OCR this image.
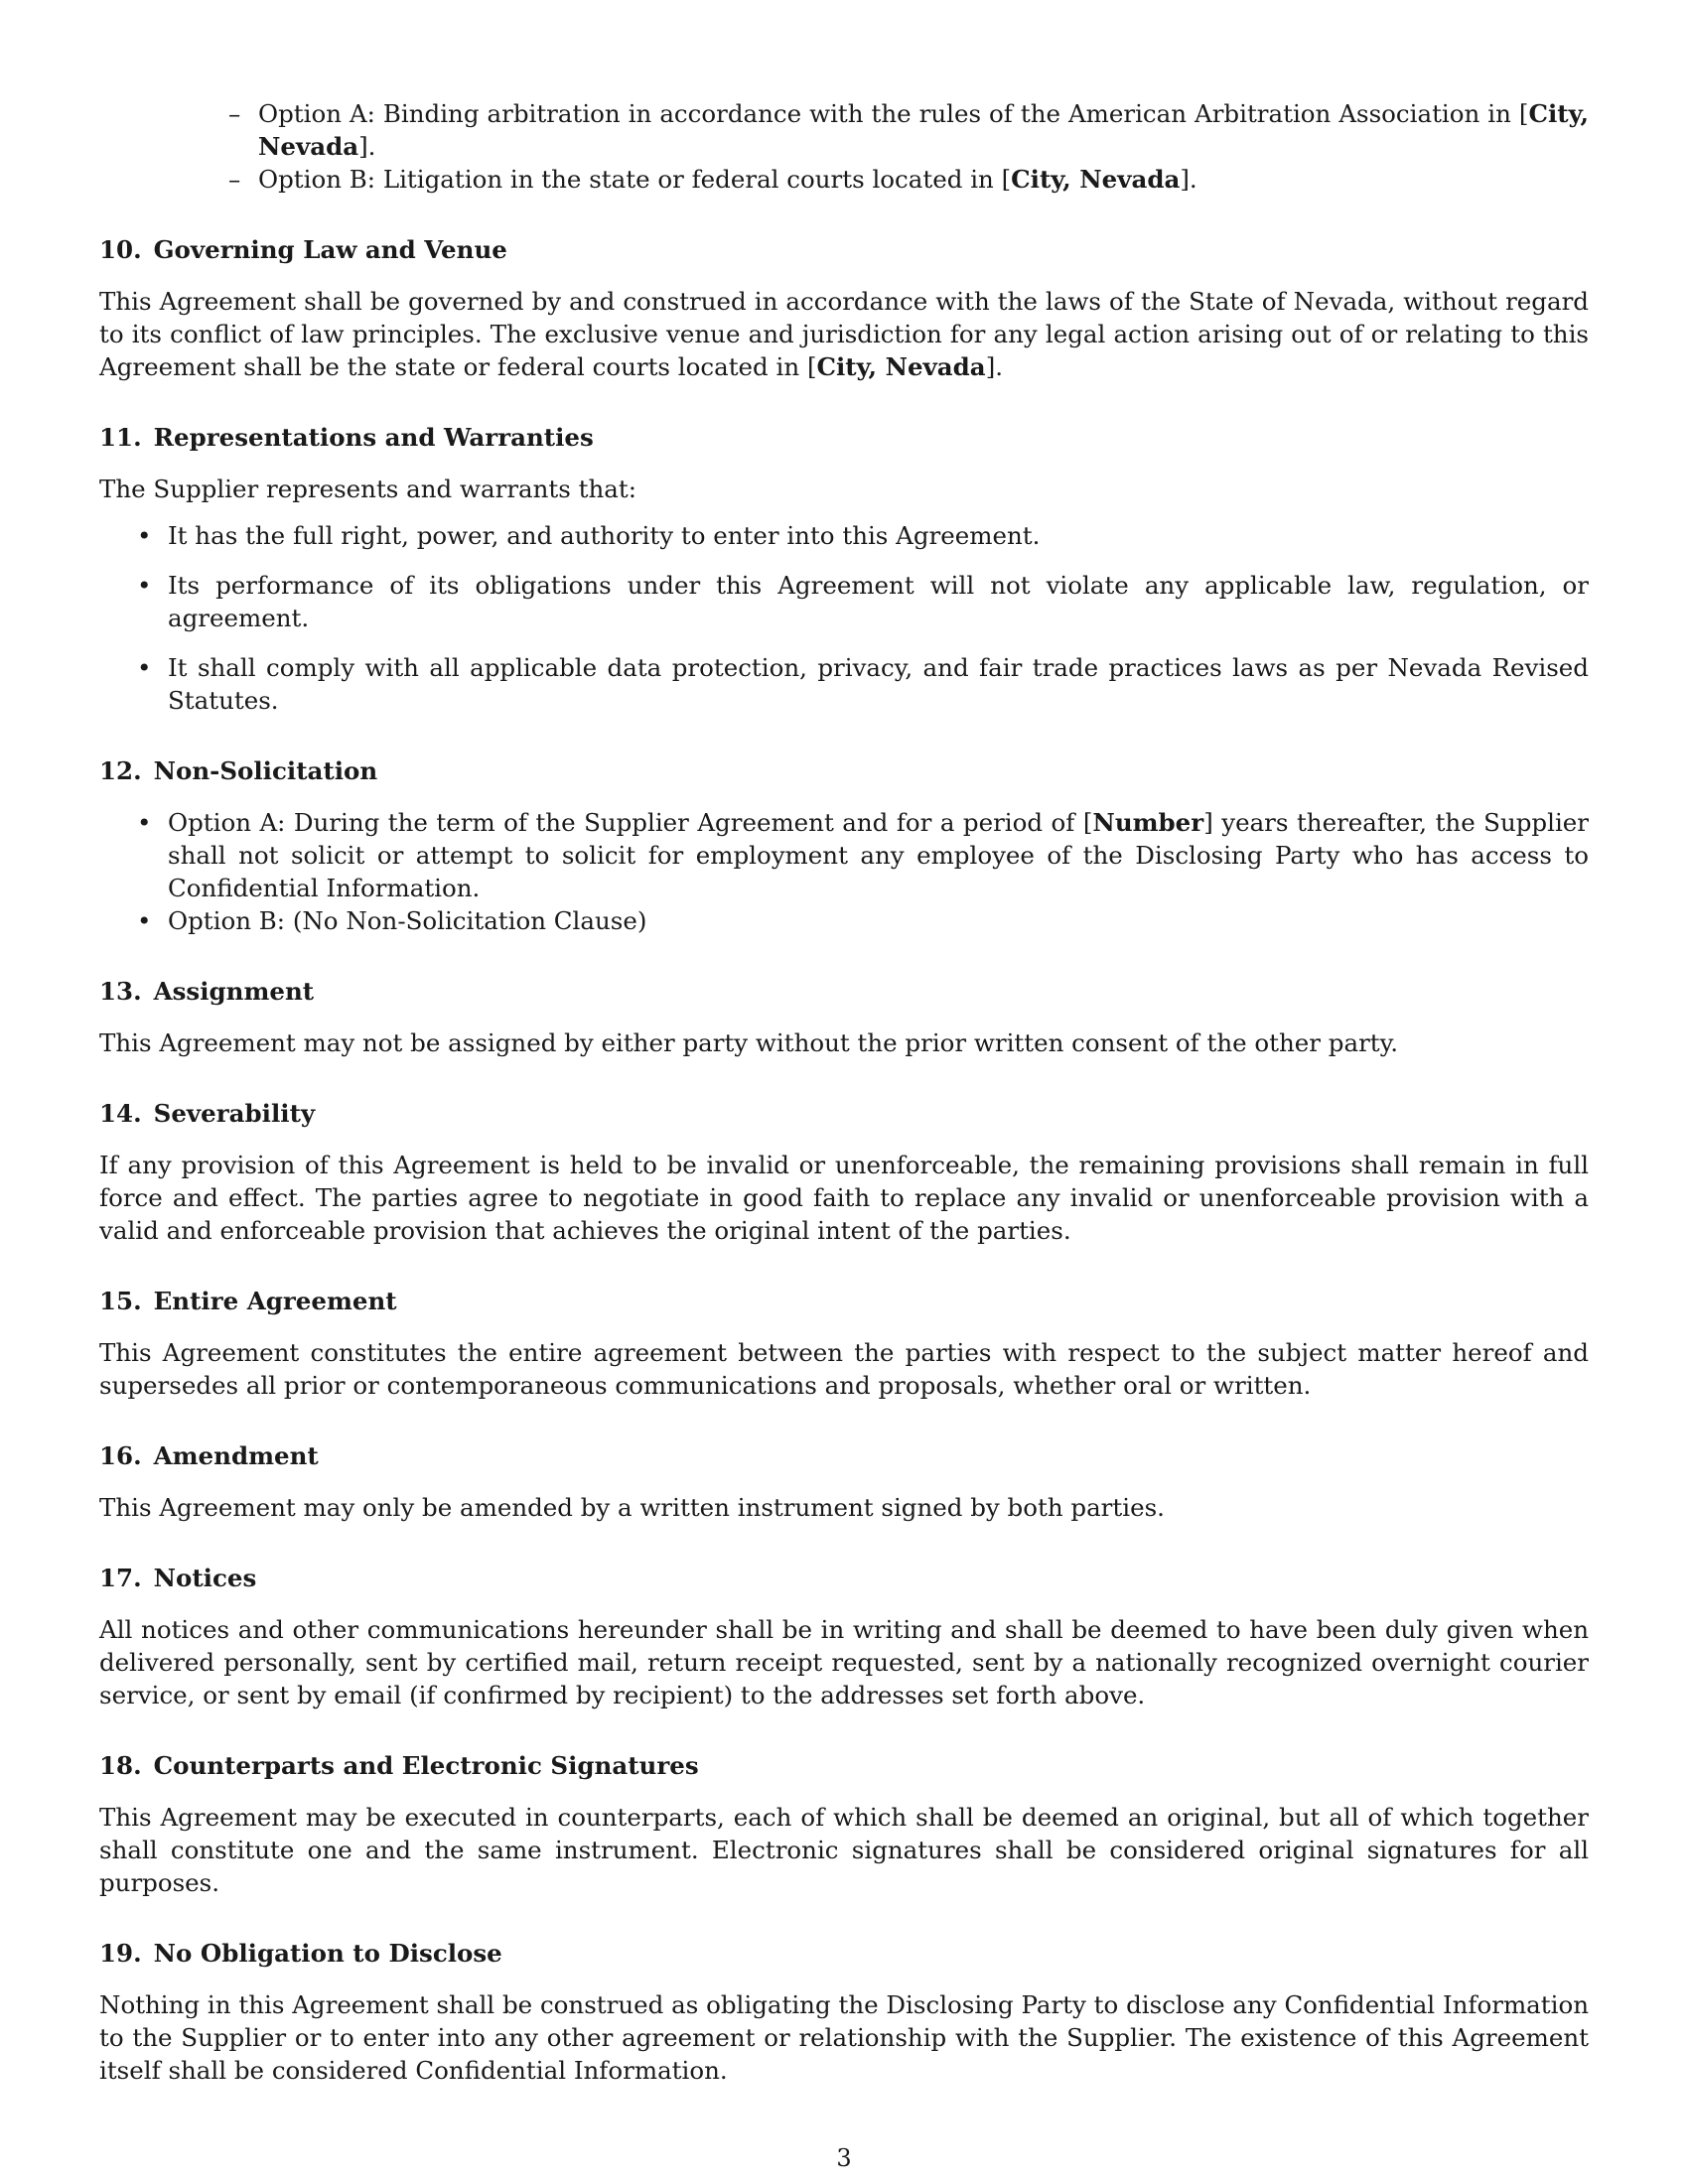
– Option A: Binding arbitration in accordance with the rules of the American Arbitration Association in [City, Nevada].
– Option B: Litigation in the state or federal courts located in [City, Nevada].
10. Governing Law and Venue

This Agreement shall be governed by and construed in accordance with the laws of the State of Nevada, without regard to its conflict of law principles. The exclusive venue and jurisdiction for any legal action arising out of or relating to this Agreement shall be the state or federal courts located in [City, Nevada].

11. Representations and Warranties

The Supplier represents and warrants that:

• It has the full right, power, and authority to enter into this Agreement.
• Its performance of its obligations under this Agreement will not violate any applicable law, regulation, or agreement.
• It shall comply with all applicable data protection, privacy, and fair trade practices laws as per Nevada Revised Statutes.
12. Non-Solicitation
• Option A: During the term of the Supplier Agreement and for a period of [Number] years thereafter, the Supplier shall not solicit or attempt to solicit for employment any employee of the Disclosing Party who has access to Confidential Information.
• Option B: (No Non-Solicitation Clause)
13. Assignment

This Agreement may not be assigned by either party without the prior written consent of the other party.

14. Severability

If any provision of this Agreement is held to be invalid or unenforceable, the remaining provisions shall remain in full force and effect. The parties agree to negotiate in good faith to replace any invalid or unenforceable provision with a valid and enforceable provision that achieves the original intent of the parties.

15. Entire Agreement

This Agreement constitutes the entire agreement between the parties with respect to the subject matter hereof and supersedes all prior or contemporaneous communications and proposals, whether oral or written.

16. Amendment

This Agreement may only be amended by a written instrument signed by both parties.

17. Notices

All notices and other communications hereunder shall be in writing and shall be deemed to have been duly given when delivered personally, sent by certified mail, return receipt requested, sent by a nationally recognized overnight courier service, or sent by email (if confirmed by recipient) to the addresses set forth above.

18. Counterparts and Electronic Signatures

This Agreement may be executed in counterparts, each of which shall be deemed an original, but all of which together shall constitute one and the same instrument. Electronic signatures shall be considered original signatures for all purposes.

19. No Obligation to Disclose

Nothing in this Agreement shall be construed as obligating the Disclosing Party to disclose any Confidential Information to the Supplier or to enter into any other agreement or relationship with the Supplier. The existence of this Agreement itself shall be considered Confidential Information.

3
